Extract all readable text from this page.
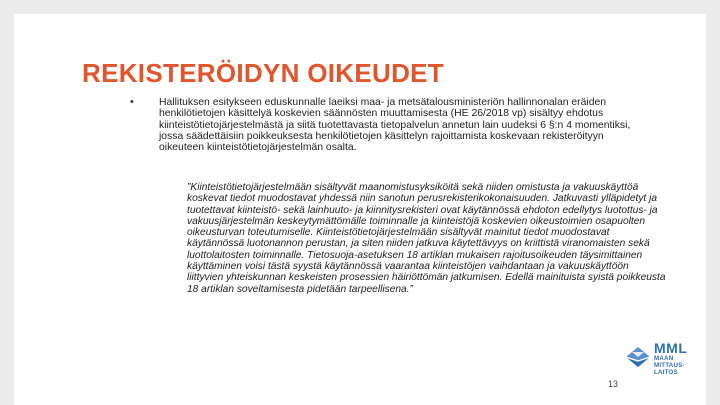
REKISTERÖIDYN OIKEUDET
• Hallituksen esitykseen eduskunnalle laeiksi maa- ja metsätalousministeriön hallinnonalan eräiden henkilötietojen käsittelyä koskevien säännösten muuttamisesta (HE 26/2018 vp) sisältyy ehdotus kiinteistötietojärjestelmästä ja siitä tuotettavasta tietopalvelun annetun lain uudeksi 6 §:n 4 momentiksi, jossa säädettäisiin poikkeuksesta henkilötietojen käsittelyn rajoittamista koskevaan rekisteröityyn oikeuteen kiinteistötietojärjestelmän osalta.

”Kiinteistötietojärjestelmään sisältyvät maanomistusyksiköitä sekä niiden omistusta ja vakuuskäyttöä koskevat tiedot muodostavat yhdessä niin sanotun perusrekisterikokonaisuuden. Jatkuvasti ylläpidetyt ja tuotettavat kiinteistö- sekä lainhuuto- ja kiinnitysrekisteri ovat käytännössä ehdoton edellytys luotottus- ja vakuusjärjestelmän keskeytymättömälle toiminnalle ja kiinteistöjä koskevien oikeustoimien osapuolten oikeusturvan toteutumiselle. Kiinteistötietojärjestelmään sisältyvät mainitut tiedot muodostavat käytännössä luotonannon perustan, ja siten niiden jatkuva käytettävyys on kriittistä viranomaisten sekä luottolaitosten toiminnalle. Tietosuoja-asetuksen 18 artiklan mukaisen rajoitusoikeuden täysimittainen käyttäminen voisi tästä syystä käytännössä vaarantaa kiinteistöjen vaihdantaan ja vakuuskäyttöön liittyvien yhteiskunnan keskeisten prosessien häiriöttömän jatkumisen. Edellä mainituista syistä poikkeusta 18 artiklan soveltamisesta pidetään tarpeellisena.”

MML
MAAN
MITTAUS-
LAITOS
13
